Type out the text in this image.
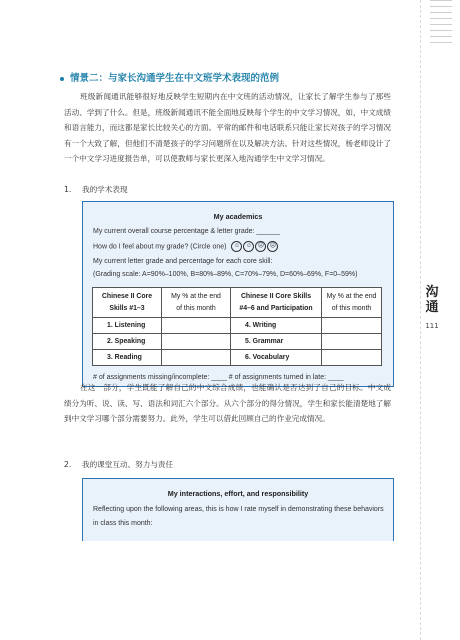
沟通
111
情景二：与家长沟通学生在中文班学术表现的范例
班级新闻通讯能够很好地反映学生短期内在中文班的活动情况，让家长了解学生参与了那些活动、学到了什么。但是，班级新闻通讯不能全面地反映每个学生的中文学习情况，如，中文成绩和语言能力，而这都是家长比较关心的方面。平常的邮件和电话联系只能让家长对孩子的学习情况有一个大致了解，但他们不清楚孩子的学习问题所在以及解决方法。针对这些情况，杨老师设计了一个中文学习进度报告单，可以使教师与家长更深入地沟通学生中文学习情况。
1. 我的学术表现
My academics
My current overall course percentage & letter grade: ______
How do I feel about my grade? (Circle one) ☺ ☺ ☹ ☹
My current letter grade and percentage for each core skill:
(Grading scale: A=90%–100%, B=80%–89%, C=70%–79%, D=60%–69%, F=0–59%)
Chinese II Core
Skills #1–3	My % at the end
of this month	Chinese II Core Skills
#4–6 and Participation	My % at the end
of this month
1. Listening		4. Writing	
2. Speaking		5. Grammar	
3. Reading		6. Vocabulary	
# of assignments missing/incomplete: ____ # of assignments turned in late: ____
在这一部分，学生既能了解自己的中文综合成绩，也能确认是否达到了自己的目标。中文成绩分为听、说、读、写、语法和词汇六个部分。从六个部分的得分情况，学生和家长能清楚地了解到中文学习哪个部分需要努力。此外，学生可以借此回顾自己的作业完成情况。
2. 我的课堂互动、努力与责任
My interactions, effort, and responsibility
Reflecting upon the following areas, this is how I rate myself in demonstrating these behaviors in class this month:
